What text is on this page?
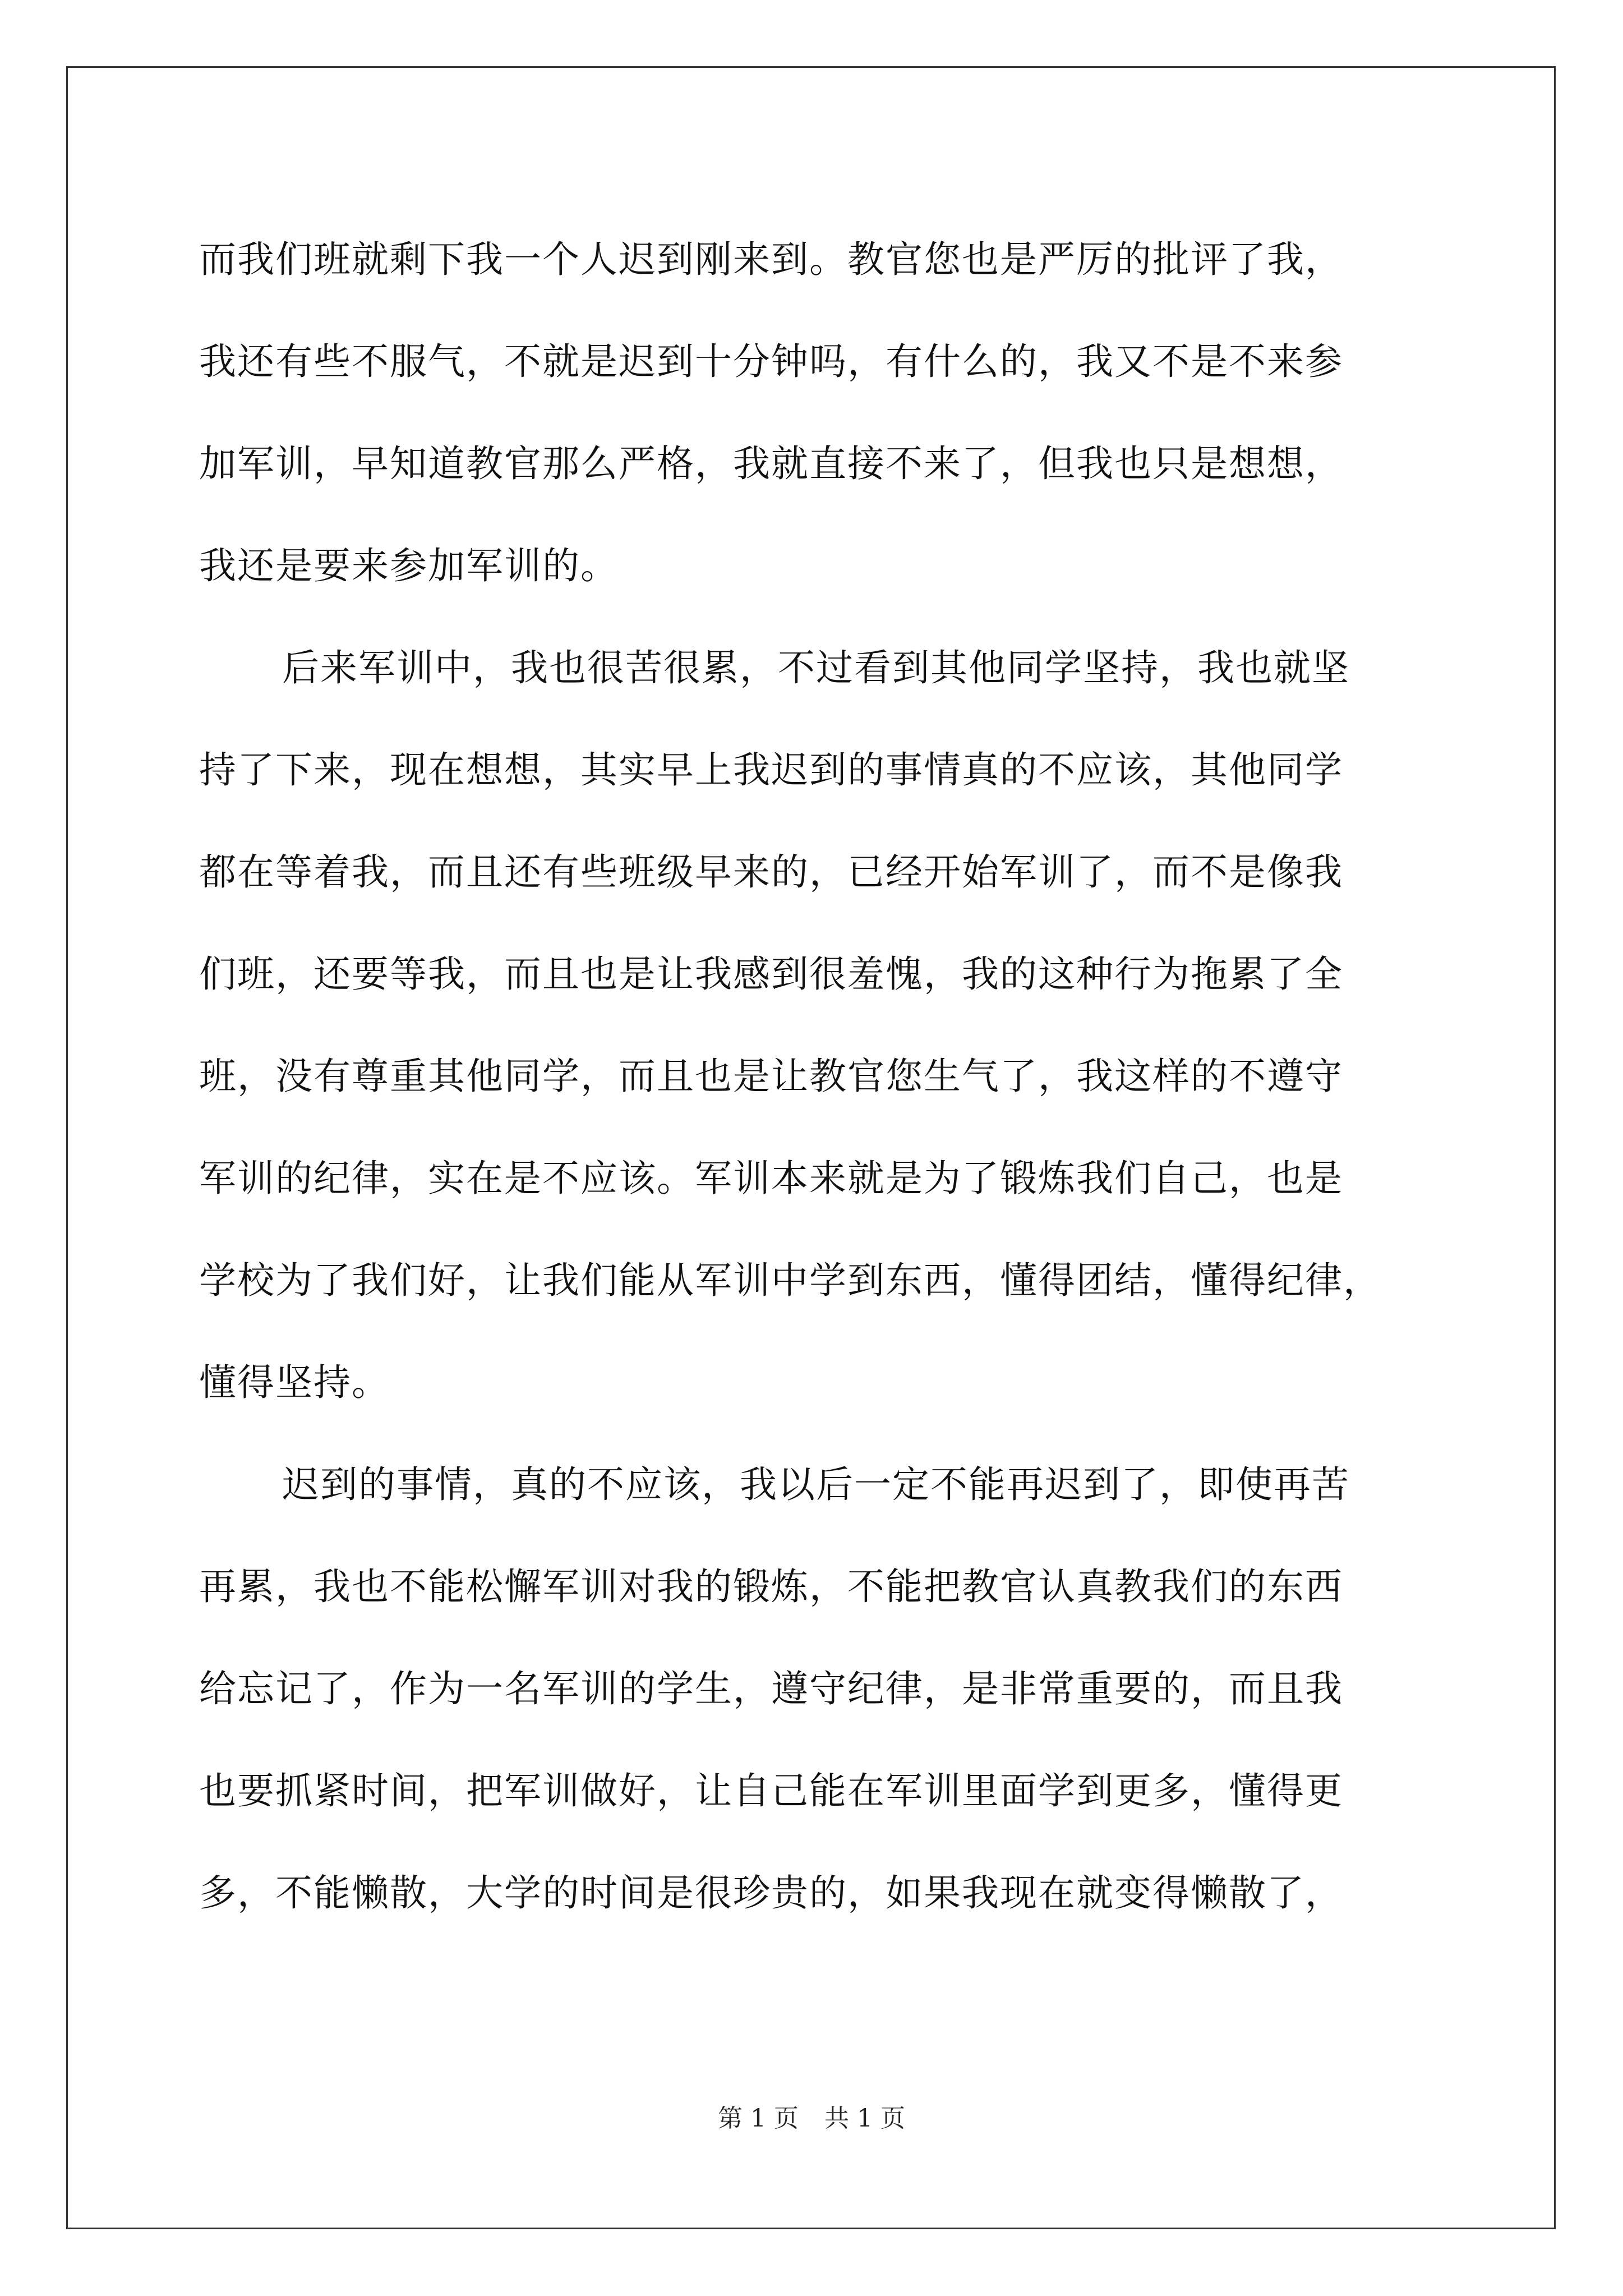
而我们班就剩下我一个人迟到刚来到。教官您也是严厉的批评了我，
我还有些不服气，不就是迟到十分钟吗，有什么的，我又不是不来参
加军训，早知道教官那么严格，我就直接不来了，但我也只是想想，
我还是要来参加军训的。
后来军训中，我也很苦很累，不过看到其他同学坚持，我也就坚
持了下来，现在想想，其实早上我迟到的事情真的不应该，其他同学
都在等着我，而且还有些班级早来的，已经开始军训了，而不是像我
们班，还要等我，而且也是让我感到很羞愧，我的这种行为拖累了全
班，没有尊重其他同学，而且也是让教官您生气了，我这样的不遵守
军训的纪律，实在是不应该。军训本来就是为了锻炼我们自己，也是
学校为了我们好，让我们能从军训中学到东西，懂得团结，懂得纪律，
懂得坚持。
迟到的事情，真的不应该，我以后一定不能再迟到了，即使再苦
再累，我也不能松懈军训对我的锻炼，不能把教官认真教我们的东西
给忘记了，作为一名军训的学生，遵守纪律，是非常重要的，而且我
也要抓紧时间，把军训做好，让自己能在军训里面学到更多，懂得更
多，不能懒散，大学的时间是很珍贵的，如果我现在就变得懒散了，
第 1 页 共 1 页
